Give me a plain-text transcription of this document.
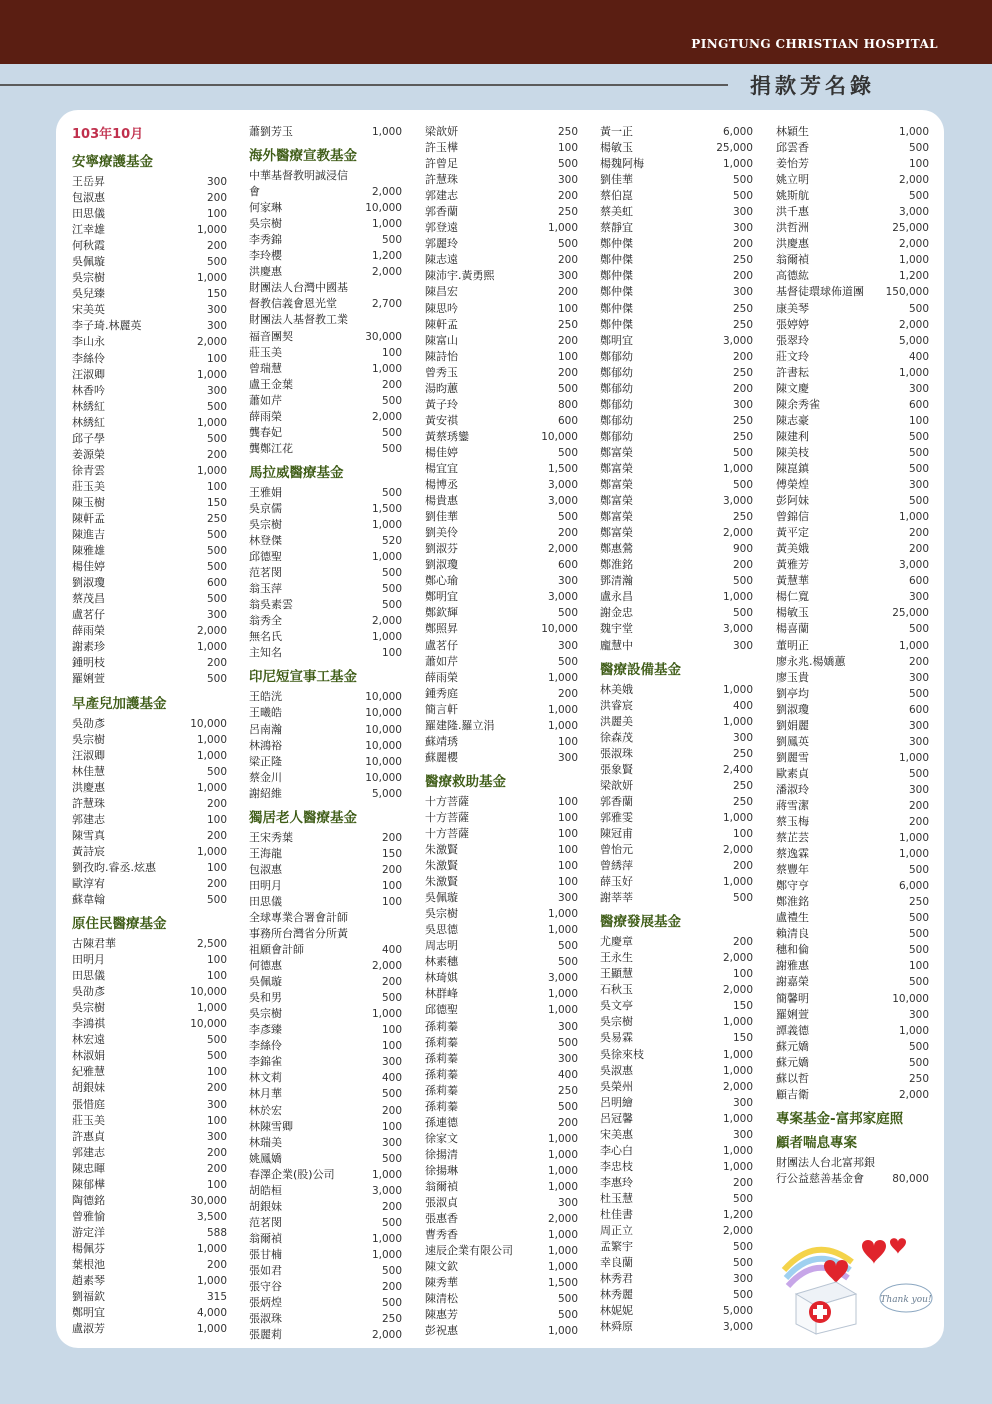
PINGTUNG CHRISTIAN HOSPITAL
捐款芳名錄
103年10月
安寧療護基金
王岳昇	300
包淑惠	200
田思儀	100
江幸雄	1,000
何秋霞	200
吳佩璇	500
吳宗樹	1,000
吳兒臻	150
宋美英	300
李子琦.林麗英	300
李山永	2,000
李絲伶	100
汪淑卿	1,000
林香吟	300
林綉紅	500
林綉紅	1,000
邱子學	500
姜源榮	200
徐青雲	1,000
莊玉美	100
陳玉樹	150
陳軒孟	250
陳進吉	500
陳雅雄	500
楊佳婷	500
劉淑瓊	600
蔡茂昌	500
盧茗仔	300
薛雨榮	2,000
謝素珍	1,000
鍾明枝	200
羅娳萱	500
早產兒加護基金
吳劭彥	10,000
吳宗樹	1,000
汪淑卿	1,000
林佳慧	500
洪慶惠	1,000
許慧珠	200
郭建志	100
陳雪真	200
黃詩宸	1,000
劉孜昀.睿丞.炫惠	100
歐淳宥	200
蘇韋翰	500
原住民醫療基金
古陳君華	2,500
田明月	100
田思儀	100
吳劭彥	10,000
吳宗樹	1,000
李鴻祺	10,000
林宏遠	500
林淑娟	500
紀雅慧	100
胡銀妹	200
張惜庭	300
莊玉美	100
許惠貞	300
郭建志	200
陳忠暉	200
陳郁樺	100
陶德銘	30,000
曾雅愉	3,500
游定洋	588
楊佩芬	1,000
葉根池	200
趙素琴	1,000
劉福欽	315
鄭明宜	4,000
盧淑芳	1,000
蕭劉芳玉	1,000
海外醫療宣教基金
中華基督教明誠浸信
會	2,000
何家琳	10,000
吳宗樹	1,000
李秀錦	500
李玲櫻	1,200
洪慶惠	2,000
財團法人台灣中國基
督教信義會恩光堂	2,700
財團法人基督教工業
福音團契	30,000
莊玉美	100
曾瑞慧	1,000
盧王金葉	200
蕭如芹	500
薛雨榮	2,000
龔春妃	500
龔鄭江花	500
馬拉威醫療基金
王雅娟	500
吳京儒	1,500
吳宗樹	1,000
林登傑	520
邱德聖	1,000
范茗閔	500
翁玉萍	500
翁吳素雲	500
翁秀全	2,000
無名氏	1,000
主知名	100
印尼短宣事工基金
王皓洸	10,000
王曦皓	10,000
呂南瀚	10,000
林鴻裕	10,000
梁正隆	10,000
蔡金川	10,000
謝紹維	5,000
獨居老人醫療基金
王宋秀葉	200
王海龍	150
包淑惠	200
田明月	100
田思儀	100
全球專業合署會計師
事務所台灣省分所黃
祖願會計師	400
何德惠	2,000
吳佩璇	200
吳和男	500
吳宗樹	1,000
李彥臻	100
李絲伶	100
李錦雀	300
林文莉	400
林月華	500
林於宏	200
林陳雪卿	100
林瑞美	300
姚鳳嬌	500
春澤企業(股)公司	1,000
胡皓桓	3,000
胡銀妹	200
范茗閔	500
翁爾禎	1,000
張甘楠	1,000
張如君	500
張守谷	200
張炳煌	500
張淑珠	250
張麗莉	2,000
梁歆妍	250
許玉樺	100
許曾足	500
許慧珠	300
郭建志	200
郭香蘭	250
郭登遠	1,000
郭麗玲	500
陳志遠	200
陳沛宇.黃勇熙	300
陳昌宏	200
陳思吟	100
陳軒孟	250
陳富山	200
陳詩怡	100
曾秀玉	200
湯昀蕙	500
黃子玲	800
黃安祺	600
黃蔡琇鑾	10,000
楊佳婷	500
楊宜宜	1,500
楊博丞	3,000
楊貴惠	3,000
劉佳華	500
劉美伶	200
劉淑芬	2,000
劉淑瓊	600
鄭心瑜	300
鄭明宜	3,000
鄭欽輝	500
鄭照昇	10,000
盧茗仔	300
蕭如芹	500
薛雨榮	1,000
鍾秀庭	200
簡言軒	1,000
羅建隆.羅立涓	1,000
蘇靖琇	100
蘇麗櫻	300
醫療救助基金
十方菩薩	100
十方菩薩	100
十方菩薩	100
朱激賢	100
朱激賢	100
朱激賢	100
吳佩璇	300
吳宗樹	1,000
吳思德	1,000
周志明	500
林素穗	500
林琦娸	3,000
林群峰	1,000
邱德聖	1,000
孫莉蓁	300
孫莉蓁	500
孫莉蓁	300
孫莉蓁	400
孫莉蓁	250
孫莉蓁	500
孫連德	200
徐家文	1,000
徐揚清	1,000
徐揚琳	1,000
翁爾禎	1,000
張淑貞	300
張惠香	2,000
曹秀香	1,000
速辰企業有限公司	1,000
陳文欽	1,000
陳秀華	1,500
陳清松	500
陳惠芳	500
彭祝惠	1,000
黃一正	6,000
楊敏玉	25,000
楊魏阿梅	1,000
劉佳華	500
蔡伯崑	500
蔡美虹	300
蔡靜宜	300
鄭仲傑	200
鄭仲傑	250
鄭仲傑	200
鄭仲傑	300
鄭仲傑	250
鄭仲傑	250
鄭明宜	3,000
鄭郁幼	200
鄭郁幼	250
鄭郁幼	200
鄭郁幼	300
鄭郁幼	250
鄭郁幼	250
鄭富榮	500
鄭富榮	1,000
鄭富榮	500
鄭富榮	3,000
鄭富榮	250
鄭富榮	2,000
鄭惠鶯	900
鄭淮銘	200
鄧清瀚	500
盧永昌	1,000
謝金忠	500
魏宇堂	3,000
龐慧中	300
醫療設備基金
林美娥	1,000
洪睿宸	400
洪麗美	1,000
徐森茂	300
張淑珠	250
張象賢	2,400
梁歆妍	250
郭香蘭	250
郭雅雯	1,000
陳冠甫	100
曾怡元	2,000
曾綉萍	200
薛玉好	1,000
謝莘莘	500
醫療發展基金
尤慶章	200
王永生	2,000
王顯慧	100
石秋玉	2,000
吳文亭	150
吳宗樹	1,000
吳易霖	150
吳徐來枝	1,000
吳淑惠	1,000
吳榮州	2,000
呂明繪	300
呂冠馨	1,000
宋美惠	300
李心白	1,000
李忠枝	1,000
李惠玲	200
杜玉慧	500
杜佳書	1,200
周正立	2,000
孟繁宇	500
幸良蘭	500
林秀君	300
林秀麗	500
林妮妮	5,000
林舜原	3,000
林穎生	1,000
邱雲香	500
姜怡芳	100
姚立明	2,000
姚斯航	500
洪千惠	3,000
洪哲洲	25,000
洪慶惠	2,000
翁爾禎	1,000
高德紘	1,200
基督徒環球佈道團 150,000
康美琴	500
張婷婷	2,000
張翠玲	5,000
莊文玲	400
許書耘	1,000
陳文慶	300
陳余秀雀	600
陳志豪	100
陳建利	500
陳美枝	500
陳崑鎮	500
傅榮煌	300
彭阿妹	500
曾錦信	1,000
黃平定	200
黃美娥	200
黃雅芳	3,000
黃慧華	600
楊仁寬	300
楊敏玉	25,000
楊喜蘭	500
董明正	1,000
廖永兆.楊嬌蕙	200
廖玉貴	300
劉亭均	500
劉淑瓊	600
劉娟麗	300
劉鳳英	300
劉麗雪	1,000
歐素貞	500
潘淑玲	300
蔣雪潔	200
蔡玉梅	200
蔡芷芸	1,000
蔡逸霖	1,000
蔡豐年	500
鄭守亨	6,000
鄭淮銘	250
盧禮生	500
賴清良	500
穗和倫	500
謝雅惠	100
謝嘉榮	500
簡馨明	10,000
羅娳萱	300
譚義德	1,000
蘇元嬌	500
蘇元嬌	500
蘇以哲	250
顧吉衛	2,000
專案基金-富邦家庭照
顧者喘息專案
財團法人台北富邦銀
行公益慈善基金會	80,000
Thank you!
